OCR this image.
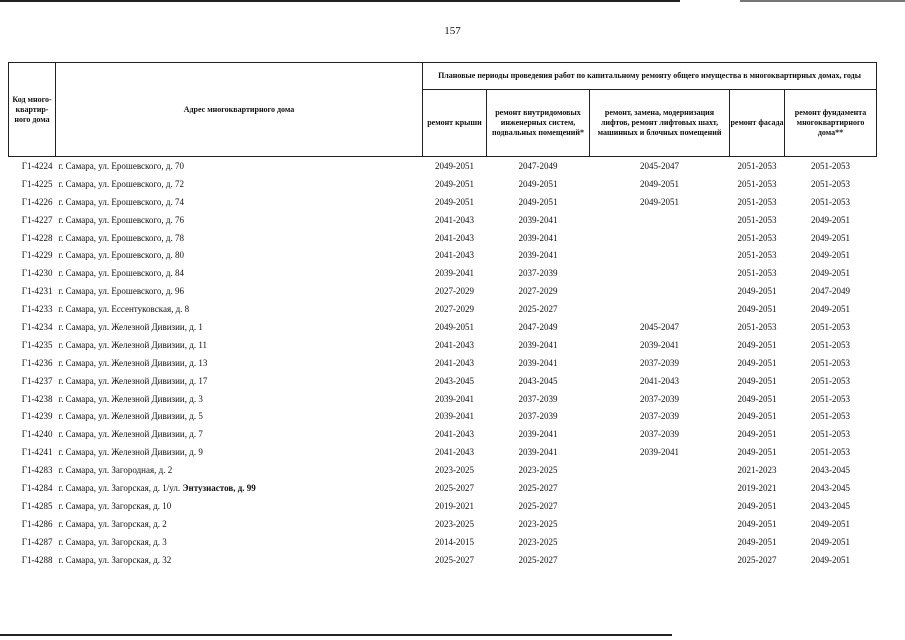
157
Код много-квартир-ного дома	Адрес многоквартирного дома	Плановые периоды проведения работ по капитальному ремонту общего имущества в многоквартирных домах, годы				
		ремонт крыши	ремонт внутридомовых инженерных систем, подвальных помещений*	ремонт, замена, модернизация лифтов, ремонт лифтовых шахт, машинных и блочных помещений	ремонт фасада	ремонт фундамента многоквартирного дома**
Г1-4224	г. Самара, ул. Ерошевского, д. 70	2049-2051	2047-2049	2045-2047	2051-2053	2051-2053
Г1-4225	г. Самара, ул. Ерошевского, д. 72	2049-2051	2049-2051	2049-2051	2051-2053	2051-2053
Г1-4226	г. Самара, ул. Ерошевского, д. 74	2049-2051	2049-2051	2049-2051	2051-2053	2051-2053
Г1-4227	г. Самара, ул. Ерошевского, д. 76	2041-2043	2039-2041		2051-2053	2049-2051
Г1-4228	г. Самара, ул. Ерошевского, д. 78	2041-2043	2039-2041		2051-2053	2049-2051
Г1-4229	г. Самара, ул. Ерошевского, д. 80	2041-2043	2039-2041		2051-2053	2049-2051
Г1-4230	г. Самара, ул. Ерошевского, д. 84	2039-2041	2037-2039		2051-2053	2049-2051
Г1-4231	г. Самара, ул. Ерошевского, д. 96	2027-2029	2027-2029		2049-2051	2047-2049
Г1-4233	г. Самара, ул. Ессентуковская, д. 8	2027-2029	2025-2027		2049-2051	2049-2051
Г1-4234	г. Самара, ул. Железной Дивизии, д. 1	2049-2051	2047-2049	2045-2047	2051-2053	2051-2053
Г1-4235	г. Самара, ул. Железной Дивизии, д. 11	2041-2043	2039-2041	2039-2041	2049-2051	2051-2053
Г1-4236	г. Самара, ул. Железной Дивизии, д. 13	2041-2043	2039-2041	2037-2039	2049-2051	2051-2053
Г1-4237	г. Самара, ул. Железной Дивизии, д. 17	2043-2045	2043-2045	2041-2043	2049-2051	2051-2053
Г1-4238	г. Самара, ул. Железной Дивизии, д. 3	2039-2041	2037-2039	2037-2039	2049-2051	2051-2053
Г1-4239	г. Самара, ул. Железной Дивизии, д. 5	2039-2041	2037-2039	2037-2039	2049-2051	2051-2053
Г1-4240	г. Самара, ул. Железной Дивизии, д. 7	2041-2043	2039-2041	2037-2039	2049-2051	2051-2053
Г1-4241	г. Самара, ул. Железной Дивизии, д. 9	2041-2043	2039-2041	2039-2041	2049-2051	2051-2053
Г1-4283	г. Самара, ул. Загородная, д. 2	2023-2025	2023-2025		2021-2023	2043-2045
Г1-4284	г. Самара, ул. Загорская, д. 1/ул. Энтузиастов, д. 99	2025-2027	2025-2027		2019-2021	2043-2045
Г1-4285	г. Самара, ул. Загорская, д. 10	2019-2021	2025-2027		2049-2051	2043-2045
Г1-4286	г. Самара, ул. Загорская, д. 2	2023-2025	2023-2025		2049-2051	2049-2051
Г1-4287	г. Самара, ул. Загорская, д. 3	2014-2015	2023-2025		2049-2051	2049-2051
Г1-4288	г. Самара, ул. Загорская, д. 32	2025-2027	2025-2027		2025-2027	2049-2051
